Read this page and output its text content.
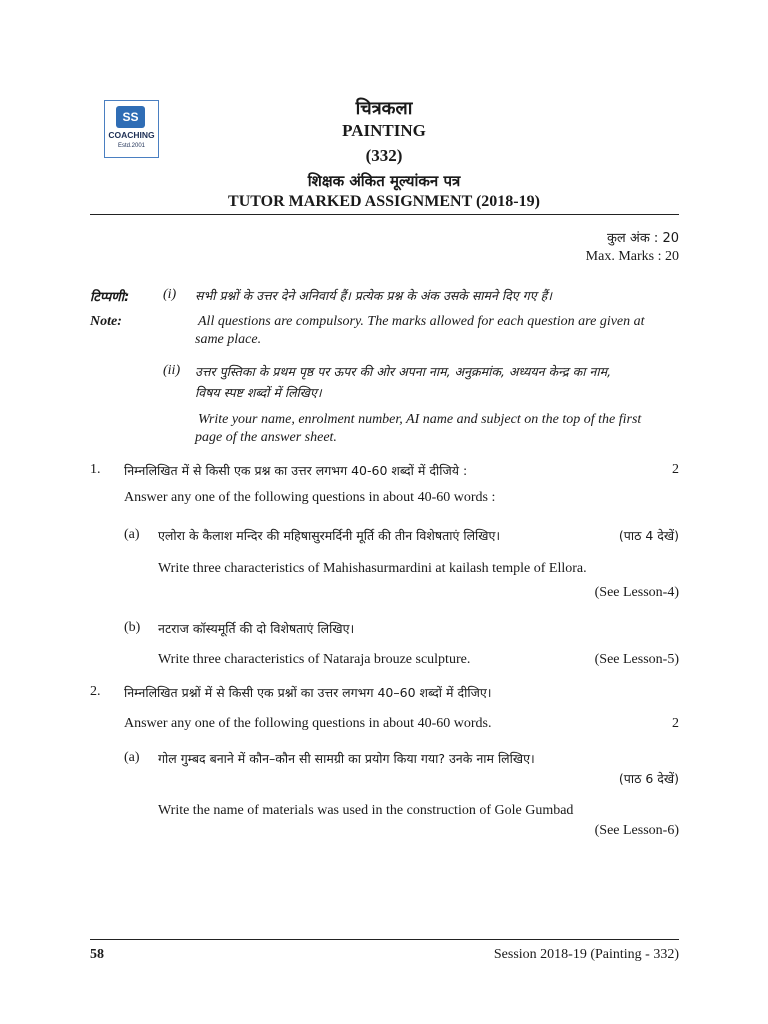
SS
COACHING
Estd.2001
चित्रकला
PAINTING
(332)
शिक्षक अंकित मूल्यांकन पत्र
TUTOR MARKED ASSIGNMENT (2018-19)
कुल अंक : 20
Max. Marks : 20
टिप्पणी: (i) सभी प्रश्नों के उत्तर देने अनिवार्य हैं। प्रत्येक प्रश्न के अंक उसके सामने दिए गए हैं।
Note:	All questions are compulsory. The marks allowed for each question are given at
same place.
(ii) उत्तर पुस्तिका के प्रथम पृष्ठ पर ऊपर की ओर अपना नाम, अनुक्रमांक, अध्ययन केन्द्र का नाम,
विषय स्पष्ट शब्दों में लिखिए।
Write your name, enrolment number, AI name and subject on the top of the first
page of the answer sheet.
1. निम्नलिखित में से किसी एक प्रश्न का उत्तर लगभग 40-60 शब्दों में दीजिये :	2
Answer any one of the following questions in about 40-60 words :
(a) एलोरा के कैलाश मन्दिर की महिषासुरमर्दिनी मूर्ति की तीन विशेषताएं लिखिए।	(पाठ 4 देखें)
Write three characteristics of Mahishasurmardini at kailash temple of Ellora.
(See Lesson-4)
(b) नटराज कॉस्यमूर्ति की दो विशेषताएं लिखिए।
Write three characteristics of Nataraja brouze sculpture.	(See Lesson-5)
2. निम्नलिखित प्रश्नों में से किसी एक प्रश्नों का उत्तर लगभग 40–60 शब्दों में दीजिए।
Answer any one of the following questions in about 40-60 words.	2
(a) गोल गुम्बद बनाने में कौन–कौन सी सामग्री का प्रयोग किया गया? उनके नाम लिखिए।
(पाठ 6 देखें)
Write the name of materials was used in the construction of Gole Gumbad
(See Lesson-6)
58	Session 2018-19 (Painting - 332)
